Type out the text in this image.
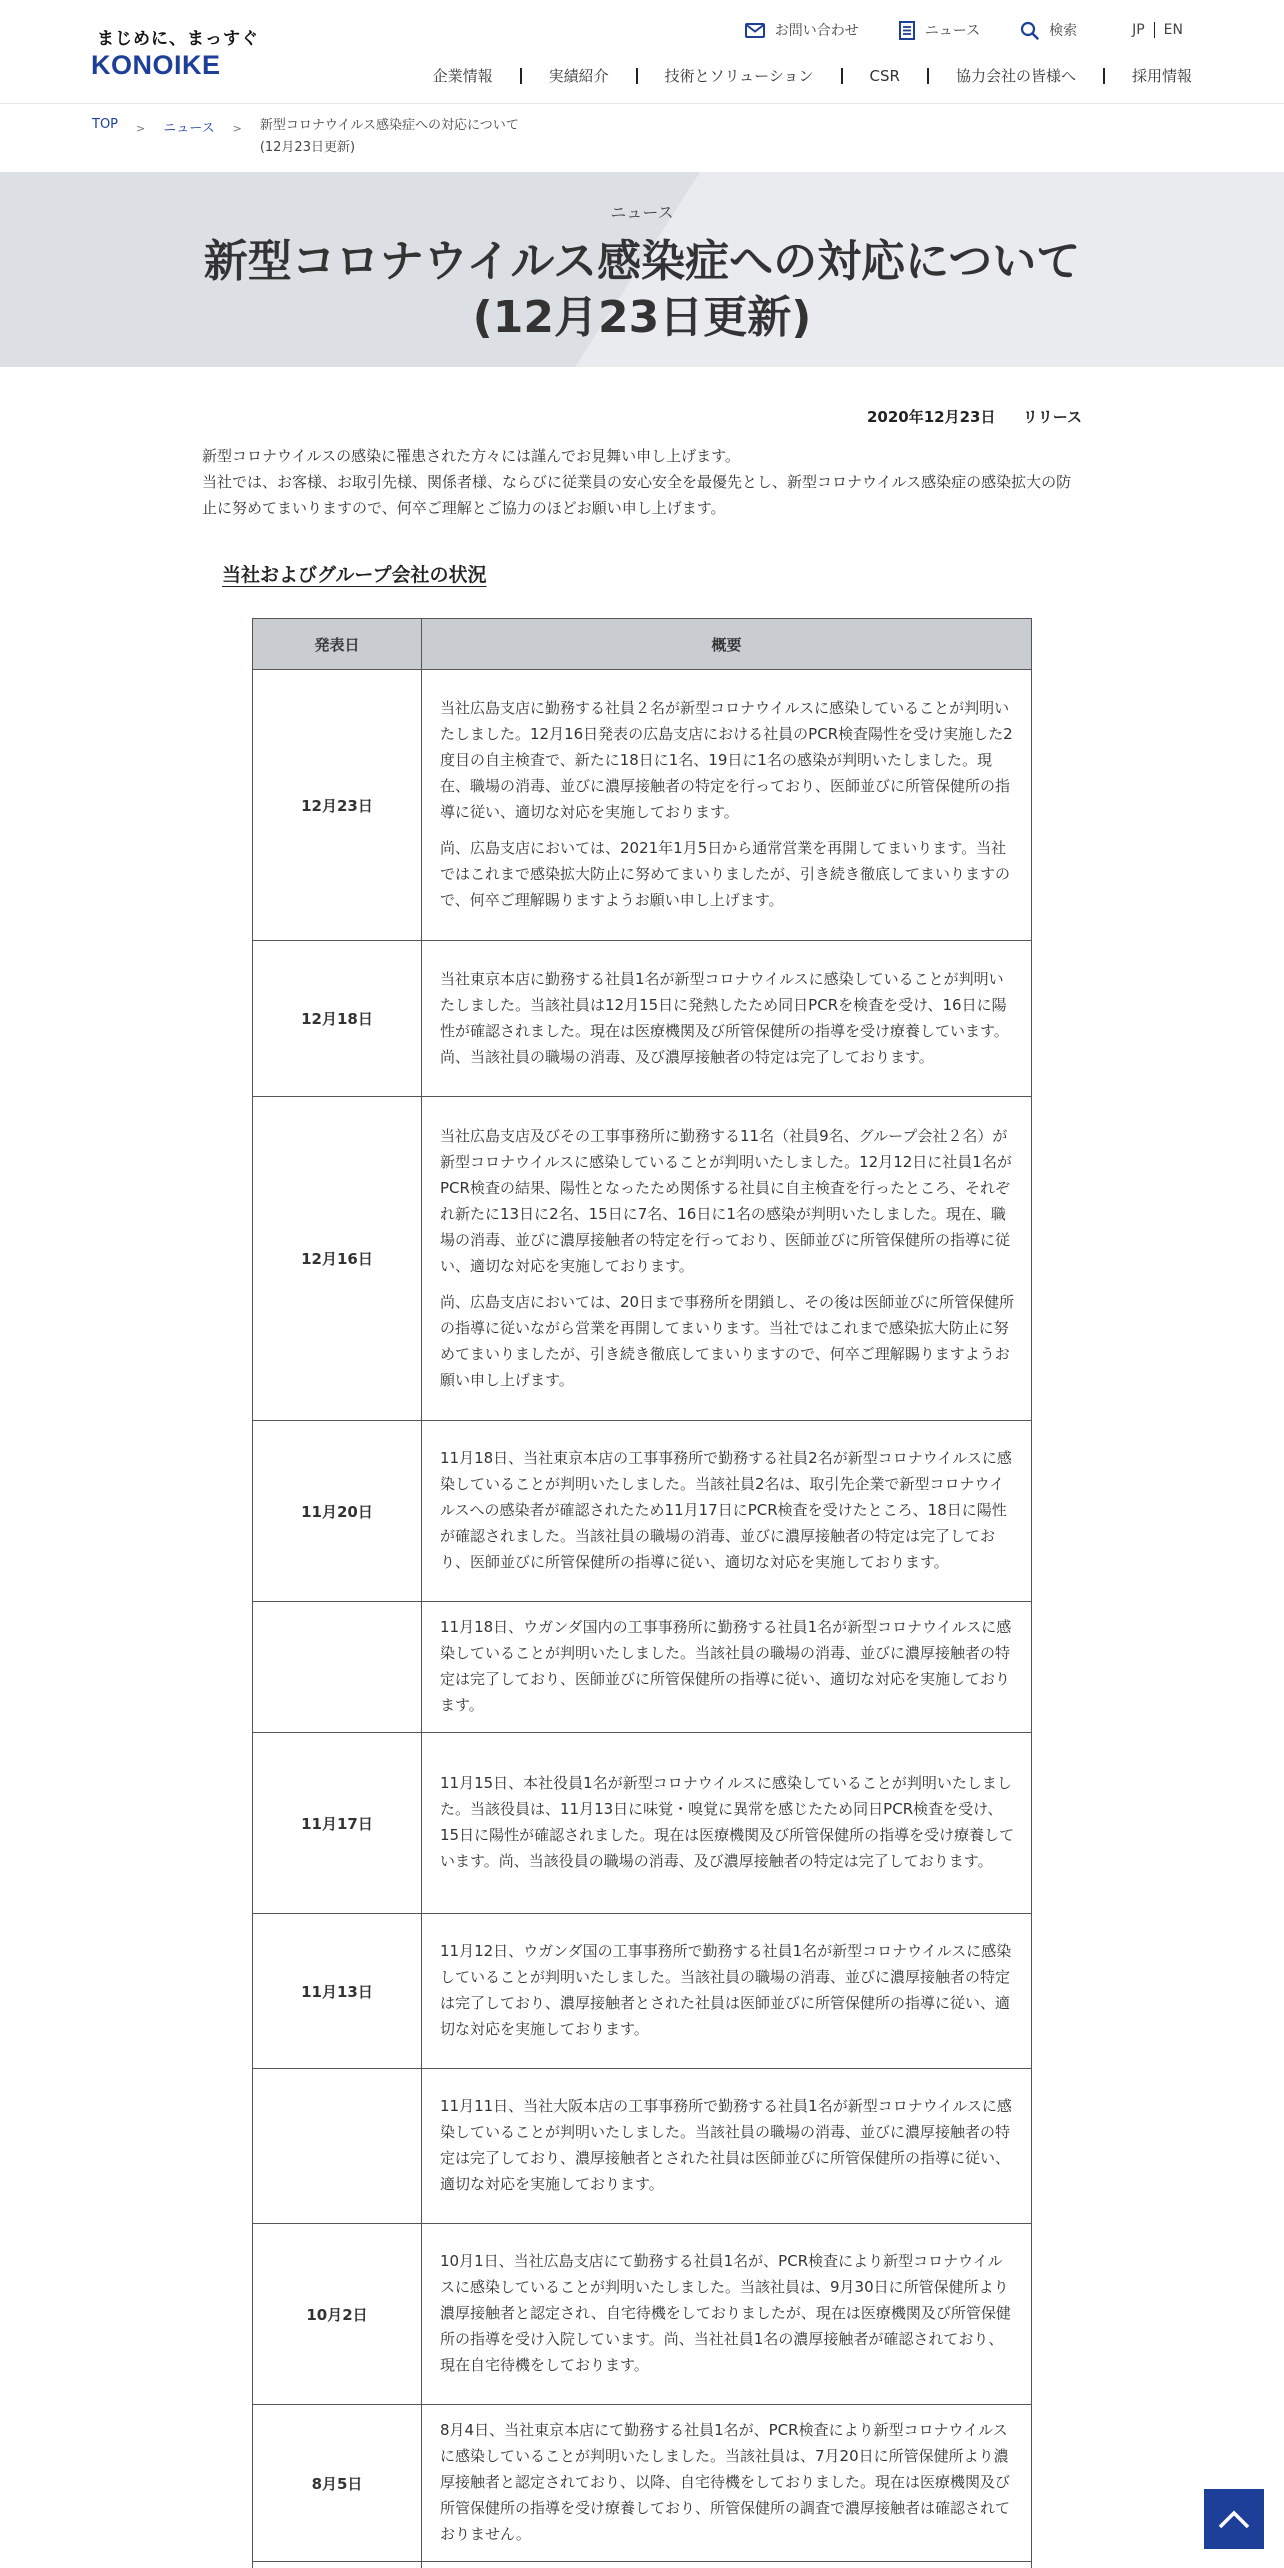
まじめに、まっすぐ
KONOIKE
お問い合わせ	ニュース	検索	JP	EN
企業情報	実績紹介	技術とソリューション	CSR	協力会社の皆様へ	採用情報
TOP > ニュース > 新型コロナウイルス感染症への対応について
(12月23日更新)
ニュース
新型コロナウイルス感染症への対応について
(12月23日更新)
2020年12月23日 リリース

新型コロナウイルスの感染に罹患された方々には謹んでお見舞い申し上げます。

当社では、お客様、お取引先様、関係者様、ならびに従業員の安心安全を最優先とし、新型コロナウイルス感染症の感染拡大の防止に努めてまいりますので、何卒ご理解とご協力のほどお願い申し上げます。

当社およびグループ会社の状況
発表日	概要
12月23日	当社広島支店に勤務する社員２名が新型コロナウイルスに感染していることが判明いたしました。12月16日発表の広島支店における社員のPCR検査陽性を受け実施した2度目の自主検査で、新たに18日に1名、19日に1名の感染が判明いたしました。現在、職場の消毒、並びに濃厚接触者の特定を行っており、医師並びに所管保健所の指導に従い、適切な対応を実施しております。

尚、広島支店においては、2021年1月5日から通常営業を再開してまいります。当社ではこれまで感染拡大防止に努めてまいりましたが、引き続き徹底してまいりますので、何卒ご理解賜りますようお願い申し上げます。

12月18日	当社東京本店に勤務する社員1名が新型コロナウイルスに感染していることが判明いたしました。当該社員は12月15日に発熱したため同日PCRを検査を受け、16日に陽性が確認されました。現在は医療機関及び所管保健所の指導を受け療養しています。尚、当該社員の職場の消毒、及び濃厚接触者の特定は完了しております。

12月16日	当社広島支店及びその工事事務所に勤務する11名（社員9名、グループ会社２名）が新型コロナウイルスに感染していることが判明いたしました。12月12日に社員1名がPCR検査の結果、陽性となったため関係する社員に自主検査を行ったところ、それぞれ新たに13日に2名、15日に7名、16日に1名の感染が判明いたしました。現在、職場の消毒、並びに濃厚接触者の特定を行っており、医師並びに所管保健所の指導に従い、適切な対応を実施しております。

尚、広島支店においては、20日まで事務所を閉鎖し、その後は医師並びに所管保健所の指導に従いながら営業を再開してまいります。当社ではこれまで感染拡大防止に努めてまいりましたが、引き続き徹底してまいりますので、何卒ご理解賜りますようお願い申し上げます。

11月20日	11月18日、当社東京本店の工事事務所で勤務する社員2名が新型コロナウイルスに感染していることが判明いたしました。当該社員2名は、取引先企業で新型コロナウイルスへの感染者が確認されたため11月17日にPCR検査を受けたところ、18日に陽性が確認されました。当該社員の職場の消毒、並びに濃厚接触者の特定は完了しており、医師並びに所管保健所の指導に従い、適切な対応を実施しております。

	11月18日、ウガンダ国内の工事事務所に勤務する社員1名が新型コロナウイルスに感染していることが判明いたしました。当該社員の職場の消毒、並びに濃厚接触者の特定は完了しており、医師並びに所管保健所の指導に従い、適切な対応を実施しております。

11月17日	11月15日、本社役員1名が新型コロナウイルスに感染していることが判明いたしました。当該役員は、11月13日に味覚・嗅覚に異常を感じたため同日PCR検査を受け、15日に陽性が確認されました。現在は医療機関及び所管保健所の指導を受け療養しています。尚、当該役員の職場の消毒、及び濃厚接触者の特定は完了しております。

11月13日	11月12日、ウガンダ国の工事事務所で勤務する社員1名が新型コロナウイルスに感染していることが判明いたしました。当該社員の職場の消毒、並びに濃厚接触者の特定は完了しており、濃厚接触者とされた社員は医師並びに所管保健所の指導に従い、適切な対応を実施しております。

	11月11日、当社大阪本店の工事事務所で勤務する社員1名が新型コロナウイルスに感染していることが判明いたしました。当該社員の職場の消毒、並びに濃厚接触者の特定は完了しており、濃厚接触者とされた社員は医師並びに所管保健所の指導に従い、適切な対応を実施しております。

10月2日	10月1日、当社広島支店にて勤務する社員1名が、PCR検査により新型コロナウイルスに感染していることが判明いたしました。当該社員は、9月30日に所管保健所より濃厚接触者と認定され、自宅待機をしておりましたが、現在は医療機関及び所管保健所の指導を受け入院しています。尚、当社社員1名の濃厚接触者が確認されており、現在自宅待機をしております。

8月5日	8月4日、当社東京本店にて勤務する社員1名が、PCR検査により新型コロナウイルスに感染していることが判明いたしました。当該社員は、7月20日に所管保健所より濃厚接触者と認定されており、以降、自宅待機をしておりました。現在は医療機関及び所管保健所の指導を受け療養しており、所管保健所の調査で濃厚接触者は確認されておりません。
